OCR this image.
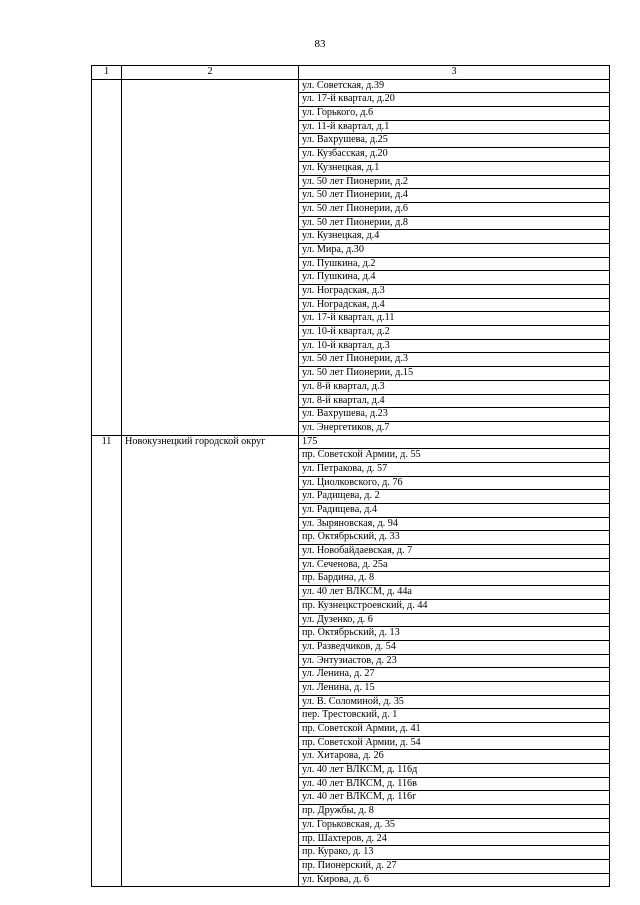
83
1	2	3
		ул. Советская, д.39
		ул. 17-й квартал, д.20
		ул. Горького, д.6
		ул. 11-й квартал, д.1
		ул. Вахрушева, д.25
		ул. Кузбасская, д.20
		ул. Кузнецкая, д.1
		ул. 50 лет Пионерии, д.2
		ул. 50 лет Пионерии, д.4
		ул. 50 лет Пионерии, д.6
		ул. 50 лет Пионерии, д.8
		ул. Кузнецкая, д.4
		ул. Мира, д.30
		ул. Пушкина, д.2
		ул. Пушкина, д.4
		ул. Ноградская, д.3
		ул. Ноградская, д.4
		ул. 17-й квартал, д.11
		ул. 10-й квартал, д.2
		ул. 10-й квартал, д.3
		ул. 50 лет Пионерии, д.3
		ул. 50 лет Пионерии, д.15
		ул. 8-й квартал, д.3
		ул. 8-й квартал, д.4
		ул. Вахрушева, д.23
		ул. Энергетиков, д.7
11	Новокузнецкий городской округ	175
		пр. Советской Армии, д. 55
		ул. Петракова, д. 57
		ул. Циолковского, д. 76
		ул. Радищева, д. 2
		ул. Радищева, д.4
		ул. Зыряновская, д. 94
		пр. Октябрьский, д. 33
		ул. Новобайдаевская, д. 7
		ул. Сеченова, д. 25а
		пр. Бардина, д. 8
		ул. 40 лет ВЛКСМ, д. 44а
		пр. Кузнецкстроевский, д. 44
		ул. Дузенко, д. 6
		пр. Октябрьский, д. 13
		ул. Разведчиков, д. 54
		ул. Энтузиастов, д. 23
		ул. Ленина, д. 27
		ул. Ленина, д. 15
		ул. В. Соломиной, д. 35
		пер. Трестовский, д. 1
		пр. Советской Армии, д. 41
		пр. Советской Армии, д. 54
		ул. Хитарова, д. 26
		ул. 40 лет ВЛКСМ, д. 116д
		ул. 40 лет ВЛКСМ, д. 116в
		ул. 40 лет ВЛКСМ, д. 116г
		пр. Дружбы, д. 8
		ул. Горьковская, д. 35
		пр. Шахтеров, д. 24
		пр. Курако, д. 13
		пр. Пионерский, д. 27
		ул. Кирова, д. 6
